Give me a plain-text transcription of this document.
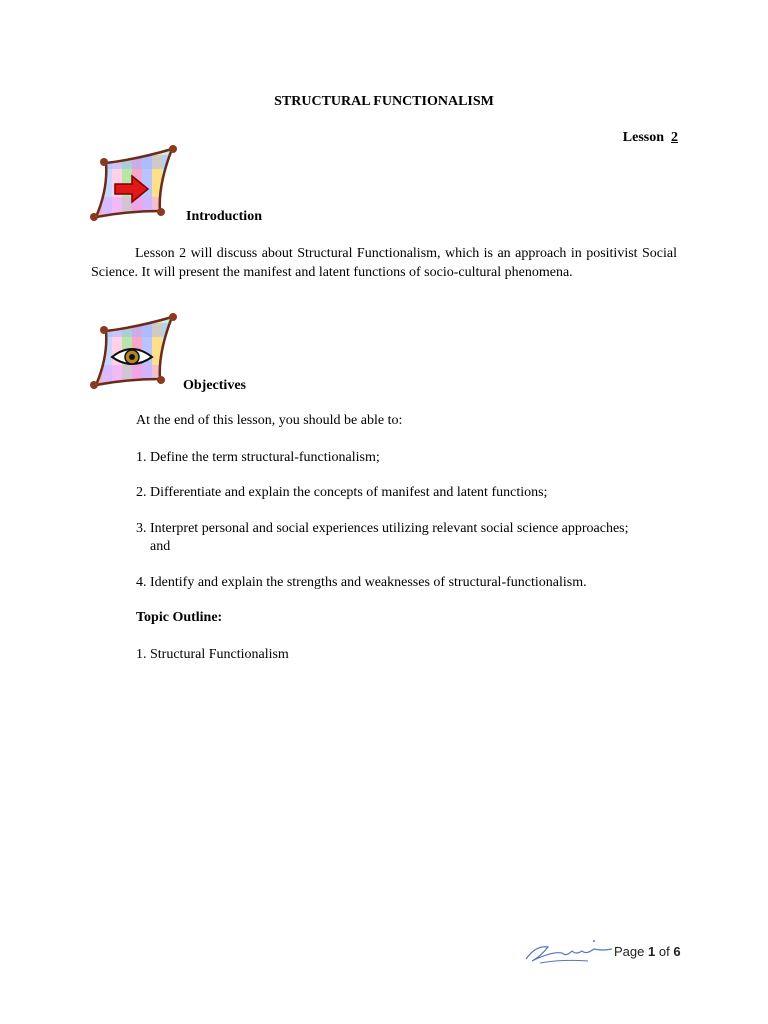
STRUCTURAL FUNCTIONALISM
Lesson 2
Introduction
Lesson 2 will discuss about Structural Functionalism, which is an approach in positivist Social Science. It will present the manifest and latent functions of socio-cultural phenomena.
Objectives
At the end of this lesson, you should be able to:
1. Define the term structural-functionalism;
2. Differentiate and explain the concepts of manifest and latent functions;
3. Interpret personal and social experiences utilizing relevant social science approaches;
and
4. Identify and explain the strengths and weaknesses of structural-functionalism.
Topic Outline:
1. Structural Functionalism
Page 1 of 6
